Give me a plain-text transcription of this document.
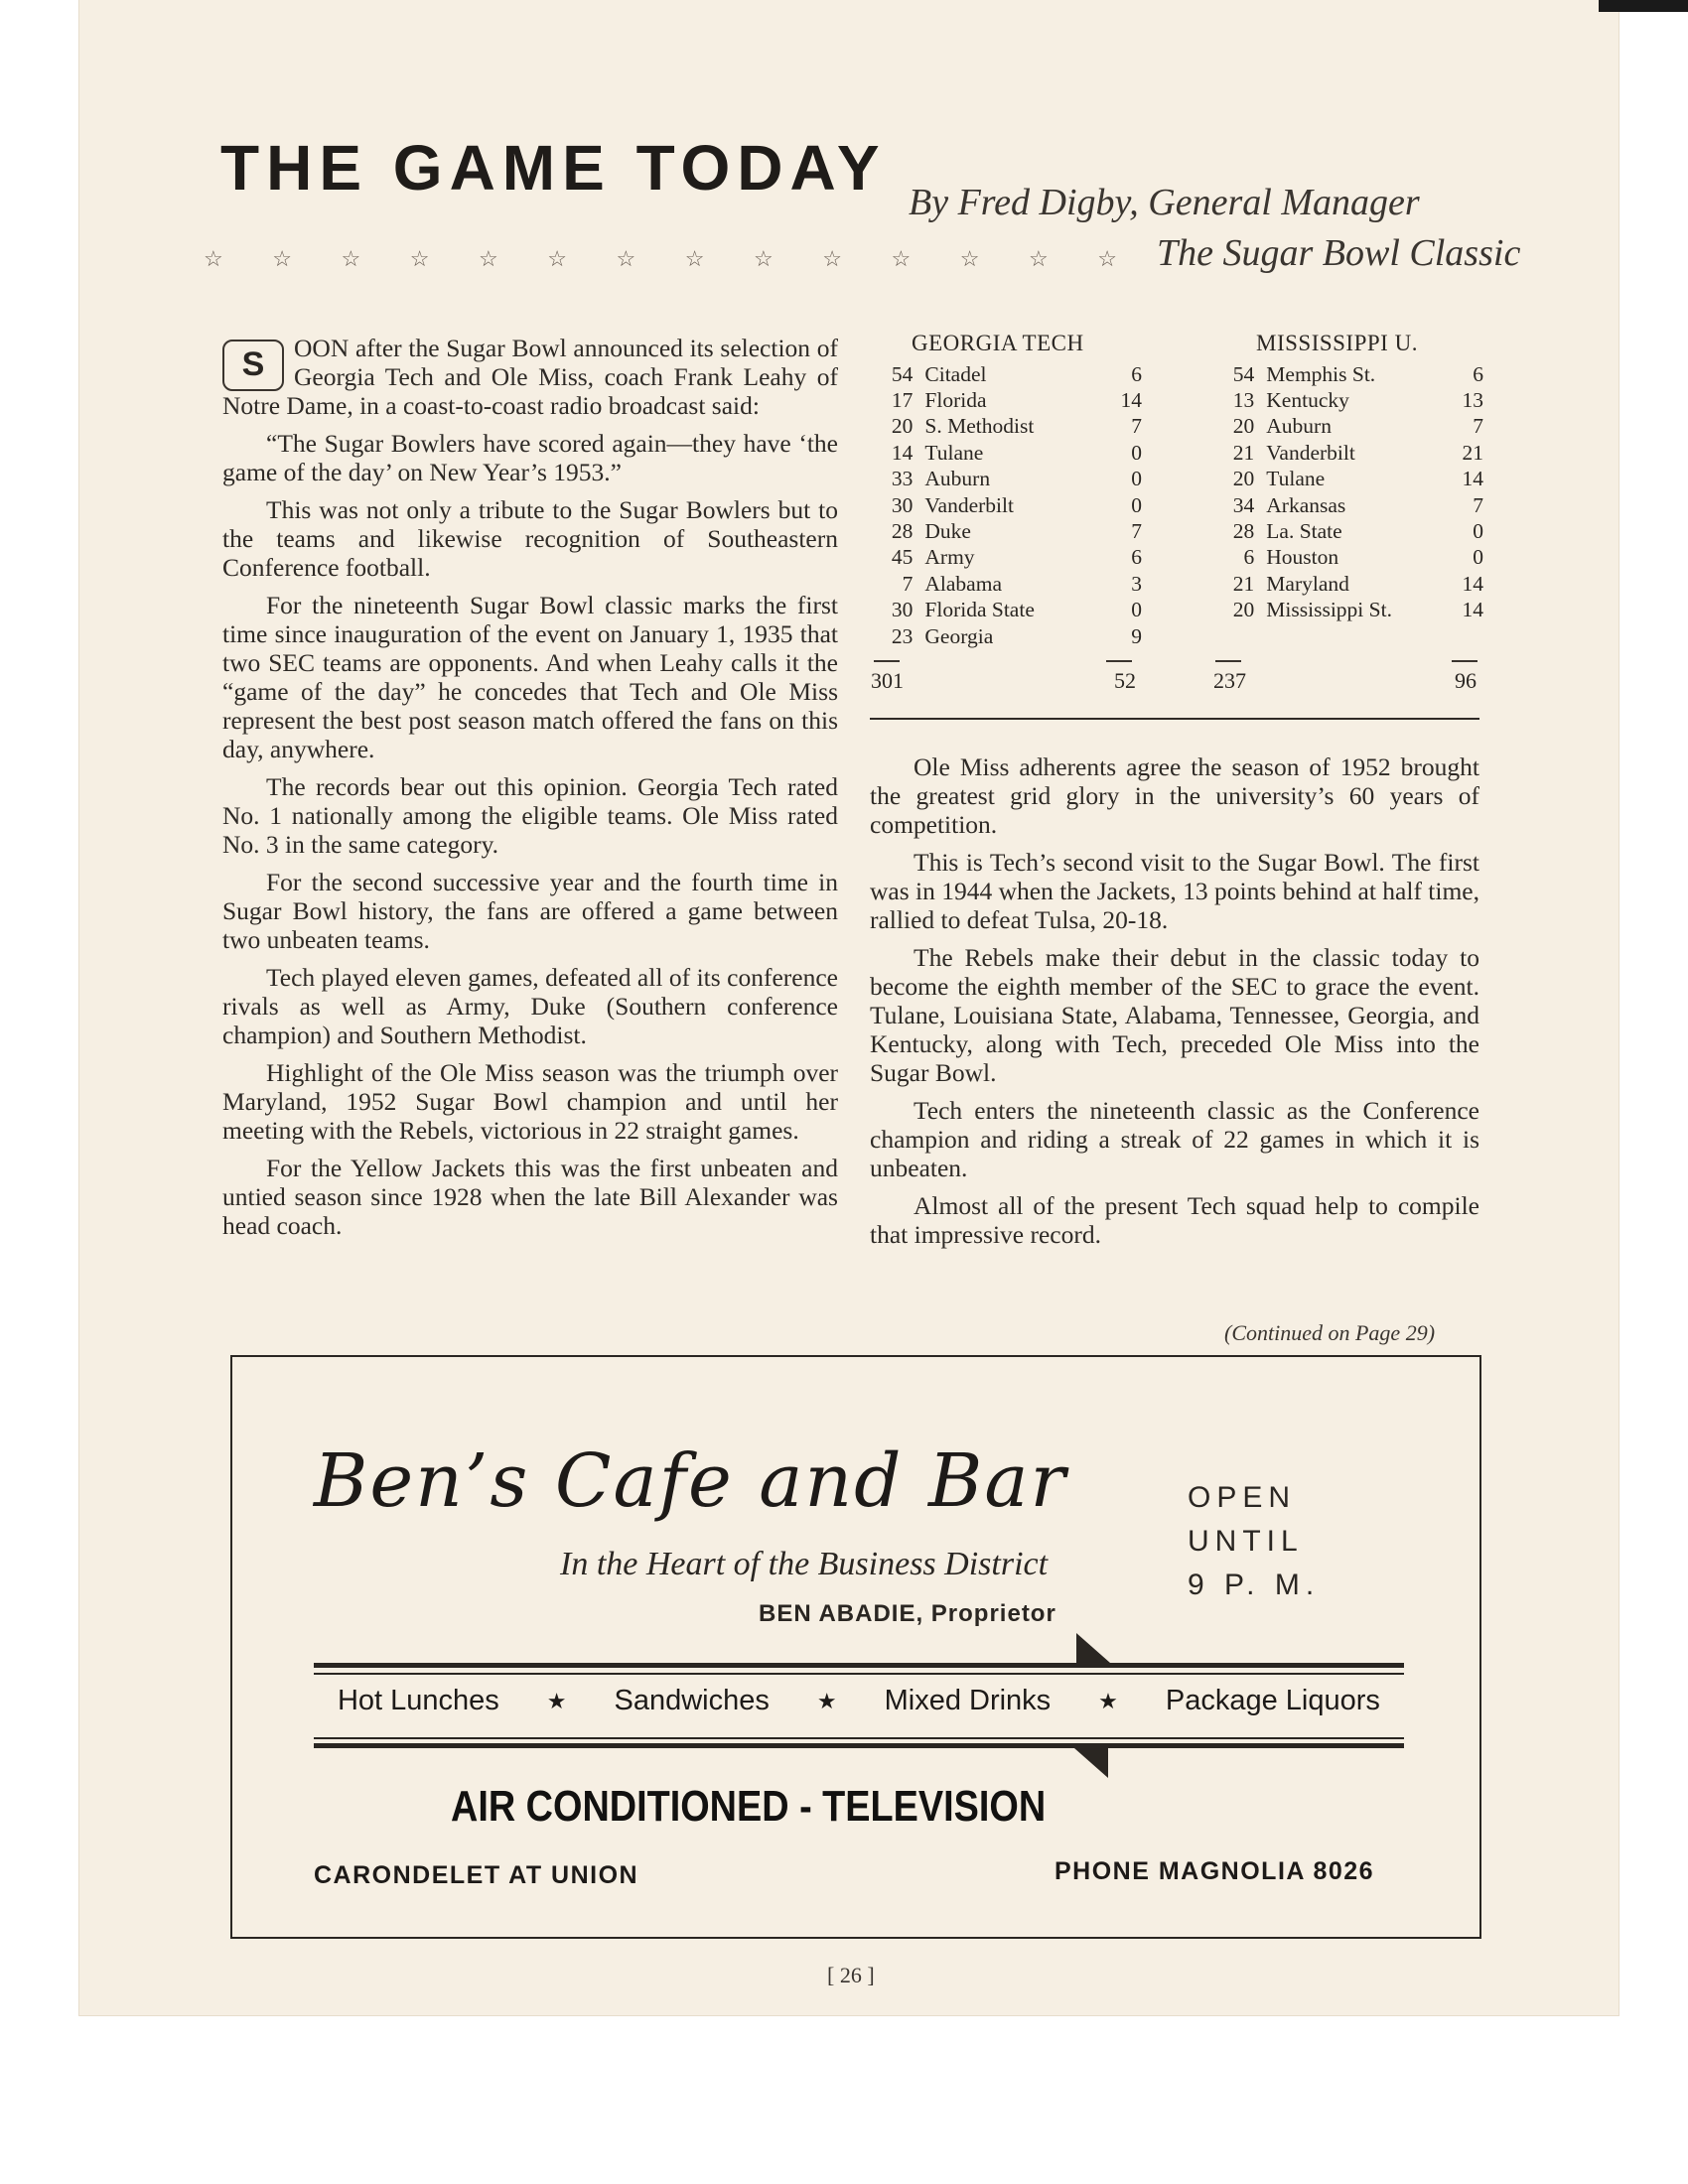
THE GAME TODAY By Fred Digby, General Manager
The Sugar Bowl Classic
☆ ☆ ☆ ☆ ☆ ☆ ☆ ☆ ☆ ☆ ☆ ☆ ☆ ☆

S	OON after the Sugar Bowl announced its selection of Georgia Tech and Ole Miss, coach Frank Leahy of Notre Dame, in a coast-to-coast radio broadcast said:

“The Sugar Bowlers have scored again—they have ‘the game of the day’ on New Year’s 1953.”

This was not only a tribute to the Sugar Bowlers but to the teams and likewise recognition of Southeastern Conference football.

For the nineteenth Sugar Bowl classic marks the first time since inauguration of the event on January 1, 1935 that two SEC teams are opponents. And when Leahy calls it the “game of the day” he concedes that Tech and Ole Miss represent the best post season match offered the fans on this day, anywhere.

The records bear out this opinion. Georgia Tech rated No. 1 nationally among the eligible teams. Ole Miss rated No. 3 in the same category.

For the second successive year and the fourth time in Sugar Bowl history, the fans are offered a game between two unbeaten teams.

Tech played eleven games, defeated all of its conference rivals as well as Army, Duke (Southern conference champion) and Southern Methodist.

Highlight of the Ole Miss season was the triumph over Maryland, 1952 Sugar Bowl champion and until her meeting with the Rebels, victorious in 22 straight games.

For the Yellow Jackets this was the first unbeaten and untied season since 1928 when the late Bill Alexander was head coach.

GEORGIA TECH	MISSISSIPPI U.
54	Citadel	6
17	Florida	14
20	S. Methodist	7
14	Tulane	0
33	Auburn	0
30	Vanderbilt	0
28	Duke	7
45	Army	6
7	Alabama	3
30	Florida State	0
23	Georgia	9
54	Memphis St.	6
13	Kentucky	13
20	Auburn	7
21	Vanderbilt	21
20	Tulane	14
34	Arkansas	7
28	La. State	0
6	Houston	0
21	Maryland	14
20	Mississippi St.	14
301	52	237	96

Ole Miss adherents agree the season of 1952 brought the greatest grid glory in the university’s 60 years of competition.

This is Tech’s second visit to the Sugar Bowl. The first was in 1944 when the Jackets, 13 points behind at half time, rallied to defeat Tulsa, 20-18.

The Rebels make their debut in the classic today to become the eighth member of the SEC to grace the event. Tulane, Louisiana State, Alabama, Tennessee, Georgia, and Kentucky, along with Tech, preceded Ole Miss into the Sugar Bowl.

Tech enters the nineteenth classic as the Conference champion and riding a streak of 22 games in which it is unbeaten.

Almost all of the present Tech squad help to compile that impressive record.

(Continued on Page 29)
Ben’s Cafe and Bar
In the Heart of the Business District
BEN ABADIE, Proprietor
OPEN
UNTIL
9 P. M.
Hot Lunches ★ Sandwiches ★ Mixed Drinks ★ Package Liquors
AIR CONDITIONED - TELEVISION
CARONDELET AT UNION	PHONE MAGNOLIA 8026
[ 26 ]
